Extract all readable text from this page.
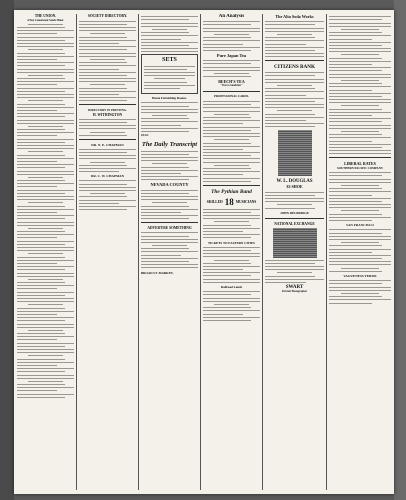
THE UNION.
A Past Connoisseur Sands Miner.
SOCIETY DIRECTORY.
DIRECTORY IN PRINTING.
H. WITHINGTON
DR. N. E. CHAPMAN
DR. C. W. CHAPMAN
SETS
Home Furnishing Rooms.
READ
The Daily Transcript
NEVADA COUNTY
ADVERTISE SOMETHING
BROAD ST. MARKET,
An Analysis
Pure Japan Tea
BEECH'S TEA
"Tree to Sundried."
PROFESSIONAL CARDS.
The Pythian Band
SKILLED 18 MUSICIANS
TICKETS TO EASTERN CITIES
Railroad Lands
The Alta Soda Works
CITIZENS BANK
W. L. DOUGLAS
$3 SHOE
JOHN DELBRIDGE
NATIONAL EXCHANGE
SWART
Portrait Photographer
LIBERAL RATES
SOUTHERN PACIFIC COMPANY
SAN FRANCISCO
VAGUENESS TERMS
